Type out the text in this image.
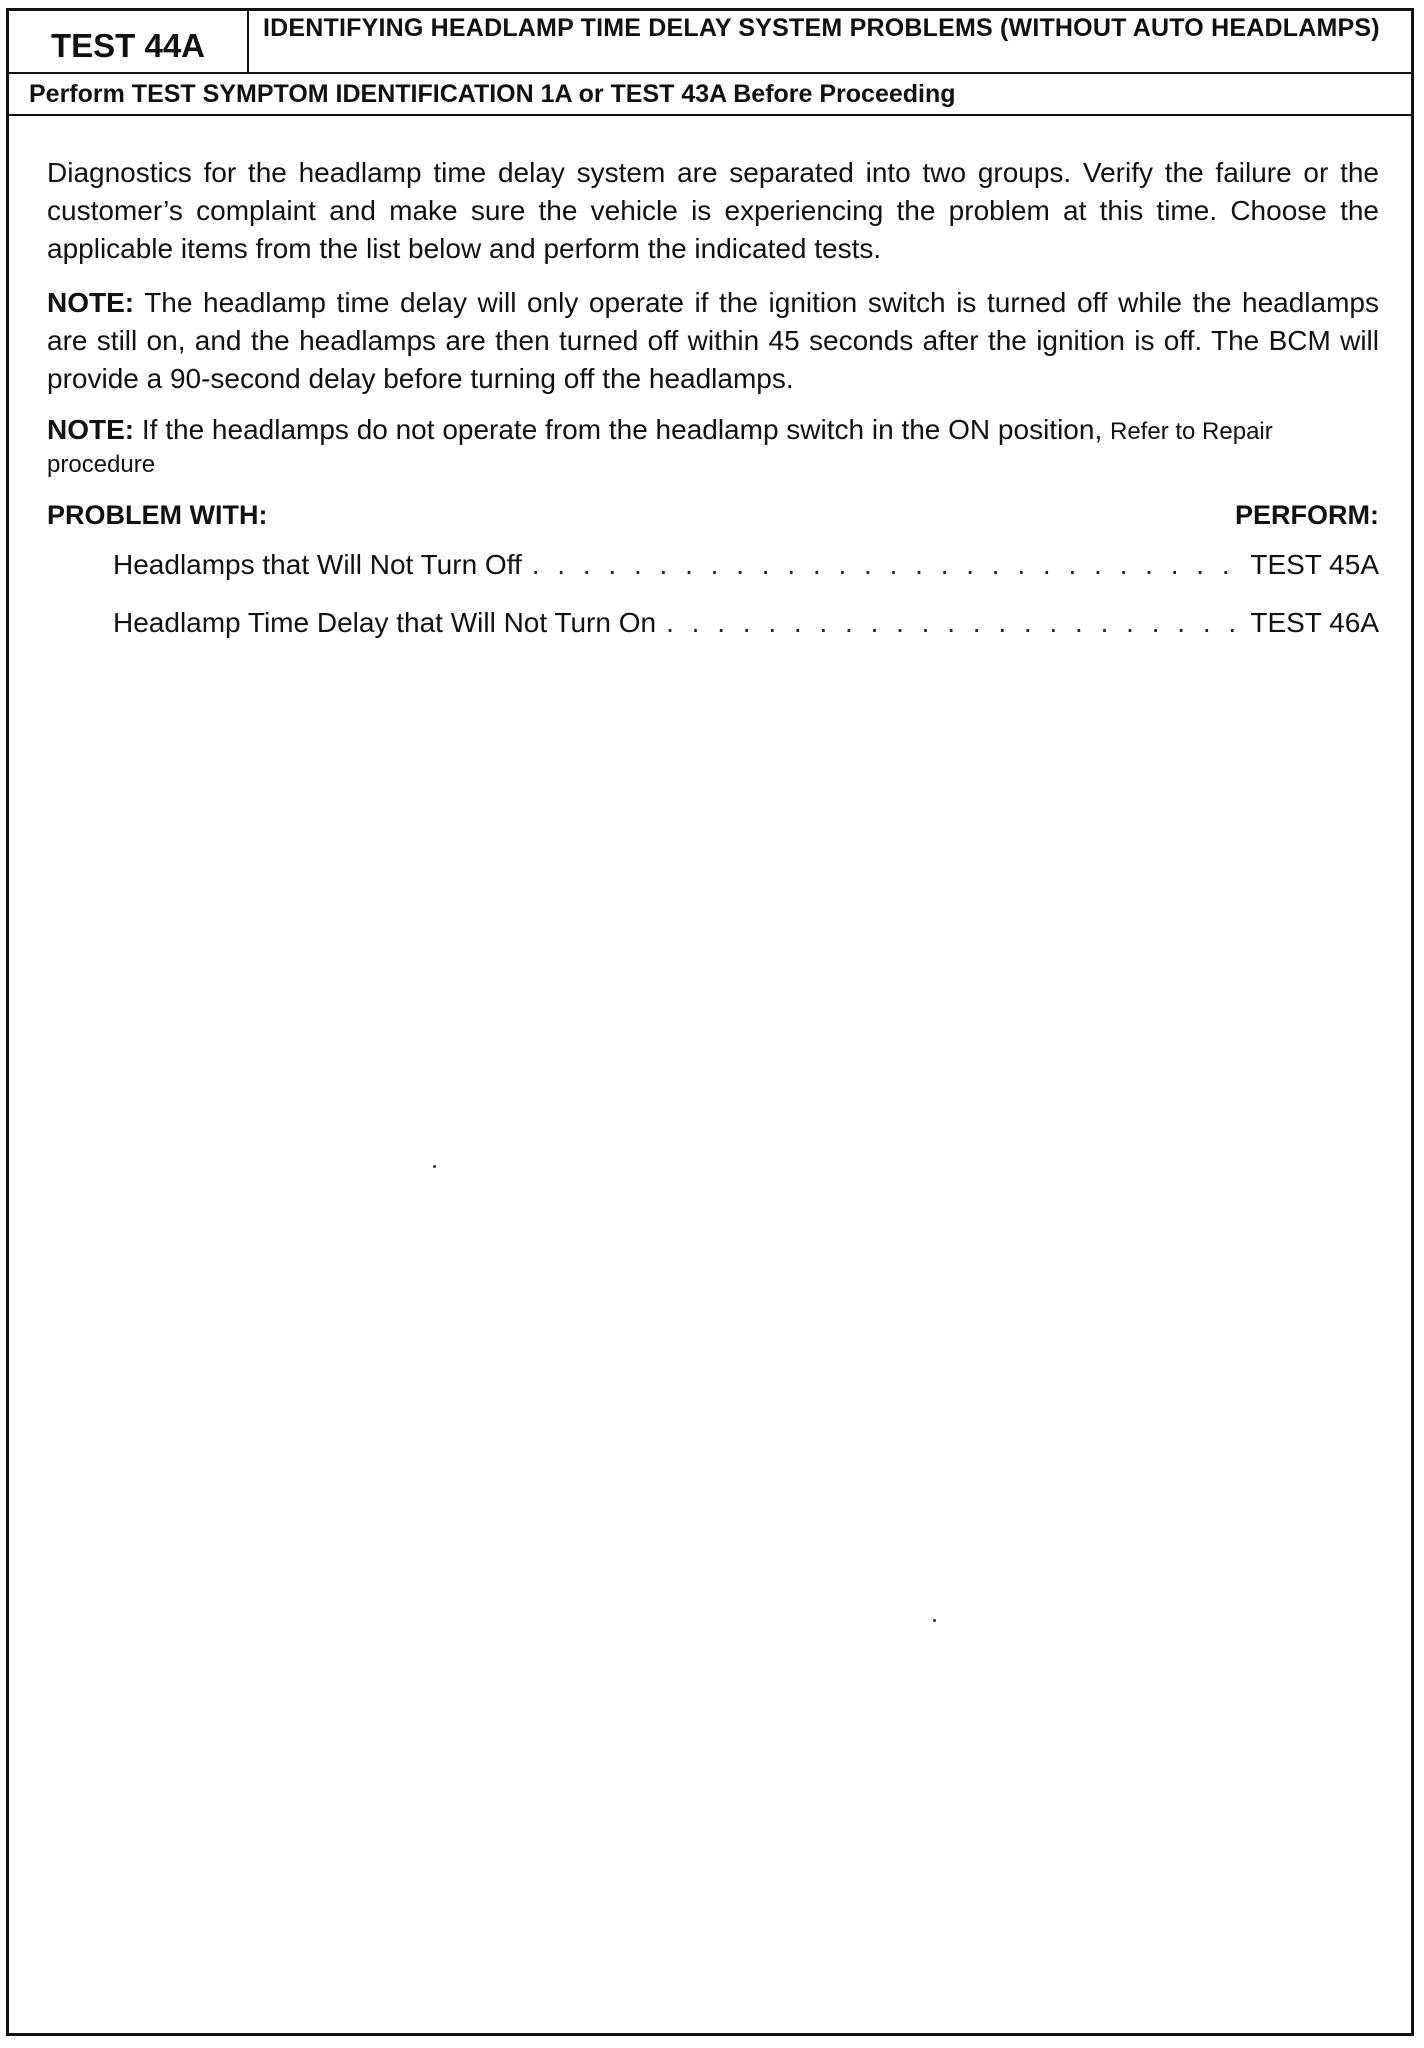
TEST 44A	IDENTIFYING HEADLAMP TIME DELAY SYSTEM PROBLEMS (WITHOUT AUTO HEADLAMPS)
Perform TEST SYMPTOM IDENTIFICATION 1A or TEST 43A Before Proceeding

Diagnostics for the headlamp time delay system are separated into two groups. Verify the failure or the customer’s complaint and make sure the vehicle is experiencing the problem at this time. Choose the applicable items from the list below and perform the indicated tests.

NOTE: The headlamp time delay will only operate if the ignition switch is turned off while the headlamps are still on, and the headlamps are then turned off within 45 seconds after the ignition is off. The BCM will provide a 90-second delay before turning off the headlamps.

NOTE: If the headlamps do not operate from the headlamp switch in the ON position, Refer to Repair procedure

PROBLEM WITH:	PERFORM:
Headlamps that Will Not Turn Off . . .	TEST 45A
Headlamp Time Delay that Will Not Turn On . . .	TEST 46A
